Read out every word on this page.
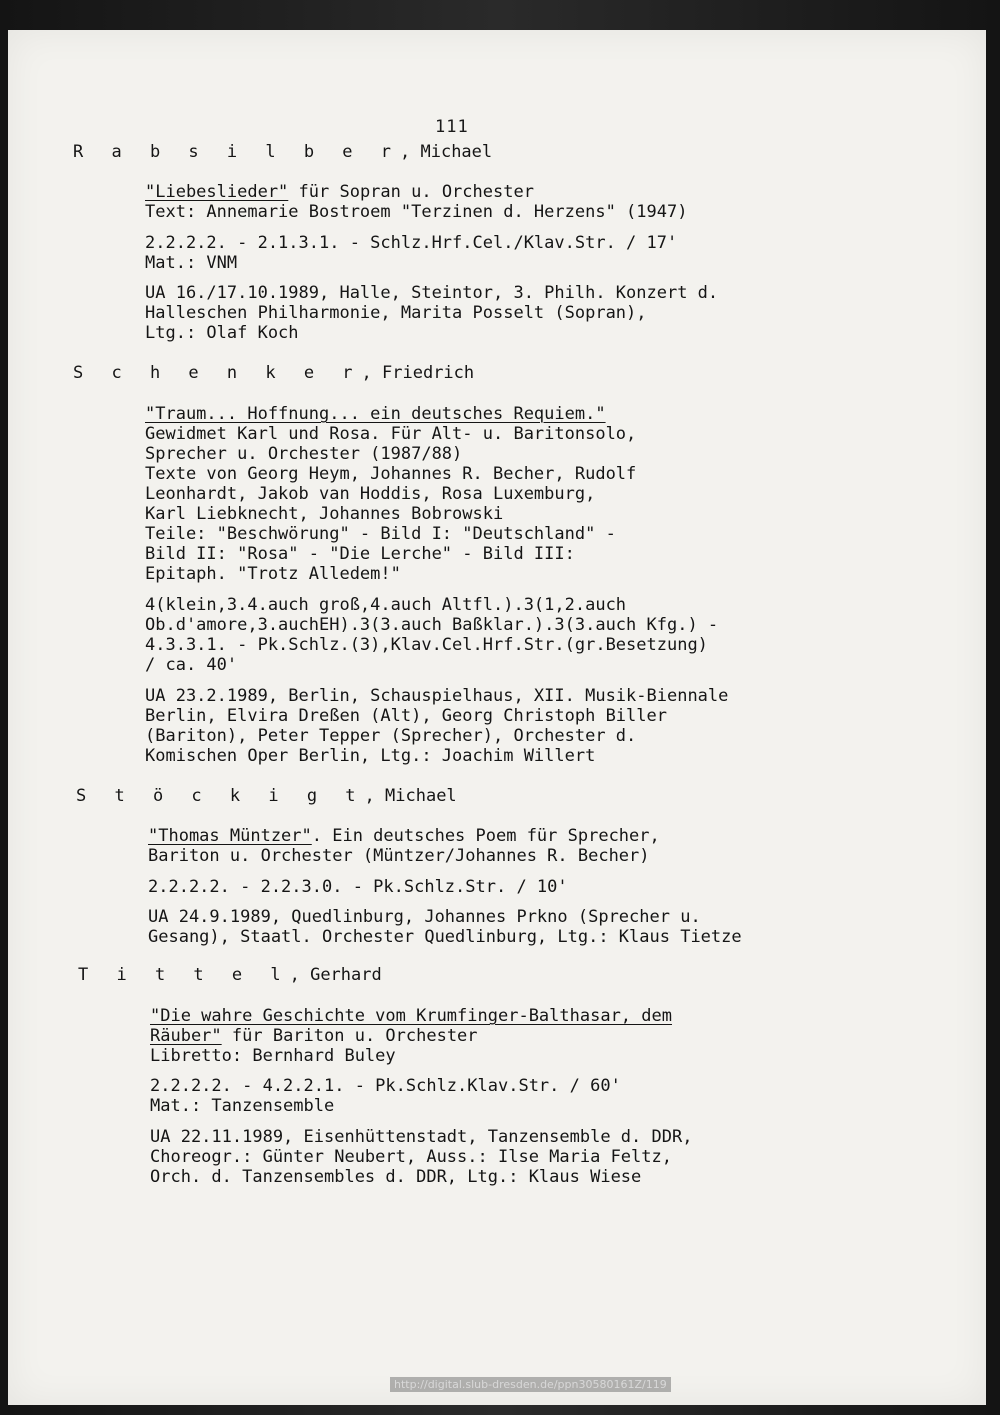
111
R a b s i l b e r, Michael
"Liebeslieder" für Sopran u. Orchester
Text: Annemarie Bostroem "Terzinen d. Herzens" (1947)
2.2.2.2. - 2.1.3.1. - Schlz.Hrf.Cel./Klav.Str. / 17'
Mat.: VNM
UA 16./17.10.1989, Halle, Steintor, 3. Philh. Konzert d.
Halleschen Philharmonie, Marita Posselt (Sopran),
Ltg.: Olaf Koch
S c h e n k e r, Friedrich
"Traum... Hoffnung... ein deutsches Requiem."
Gewidmet Karl und Rosa. Für Alt- u. Baritonsolo,
Sprecher u. Orchester (1987/88)
Texte von Georg Heym, Johannes R. Becher, Rudolf
Leonhardt, Jakob van Hoddis, Rosa Luxemburg,
Karl Liebknecht, Johannes Bobrowski
Teile: "Beschwörung" - Bild I: "Deutschland" -
Bild II: "Rosa" - "Die Lerche" - Bild III:
Epitaph. "Trotz Alledem!"
4(klein,3.4.auch groß,4.auch Altfl.).3(1,2.auch
Ob.d'amore,3.auchEH).3(3.auch Baßklar.).3(3.auch Kfg.) -
4.3.3.1. - Pk.Schlz.(3),Klav.Cel.Hrf.Str.(gr.Besetzung)
/ ca. 40'
UA 23.2.1989, Berlin, Schauspielhaus, XII. Musik-Biennale
Berlin, Elvira Dreßen (Alt), Georg Christoph Biller
(Bariton), Peter Tepper (Sprecher), Orchester d.
Komischen Oper Berlin, Ltg.: Joachim Willert
S t ö c k i g t, Michael
"Thomas Müntzer". Ein deutsches Poem für Sprecher,
Bariton u. Orchester (Müntzer/Johannes R. Becher)
2.2.2.2. - 2.2.3.0. - Pk.Schlz.Str. / 10'
UA 24.9.1989, Quedlinburg, Johannes Prkno (Sprecher u.
Gesang), Staatl. Orchester Quedlinburg, Ltg.: Klaus Tietze
T i t t e l, Gerhard
"Die wahre Geschichte vom Krumfinger-Balthasar, dem
Räuber" für Bariton u. Orchester
Libretto: Bernhard Buley
2.2.2.2. - 4.2.2.1. - Pk.Schlz.Klav.Str. / 60'
Mat.: Tanzensemble
UA 22.11.1989, Eisenhüttenstadt, Tanzensemble d. DDR,
Choreogr.: Günter Neubert, Auss.: Ilse Maria Feltz,
Orch. d. Tanzensembles d. DDR, Ltg.: Klaus Wiese
http://digital.slub-dresden.de/ppn30580161Z/119
